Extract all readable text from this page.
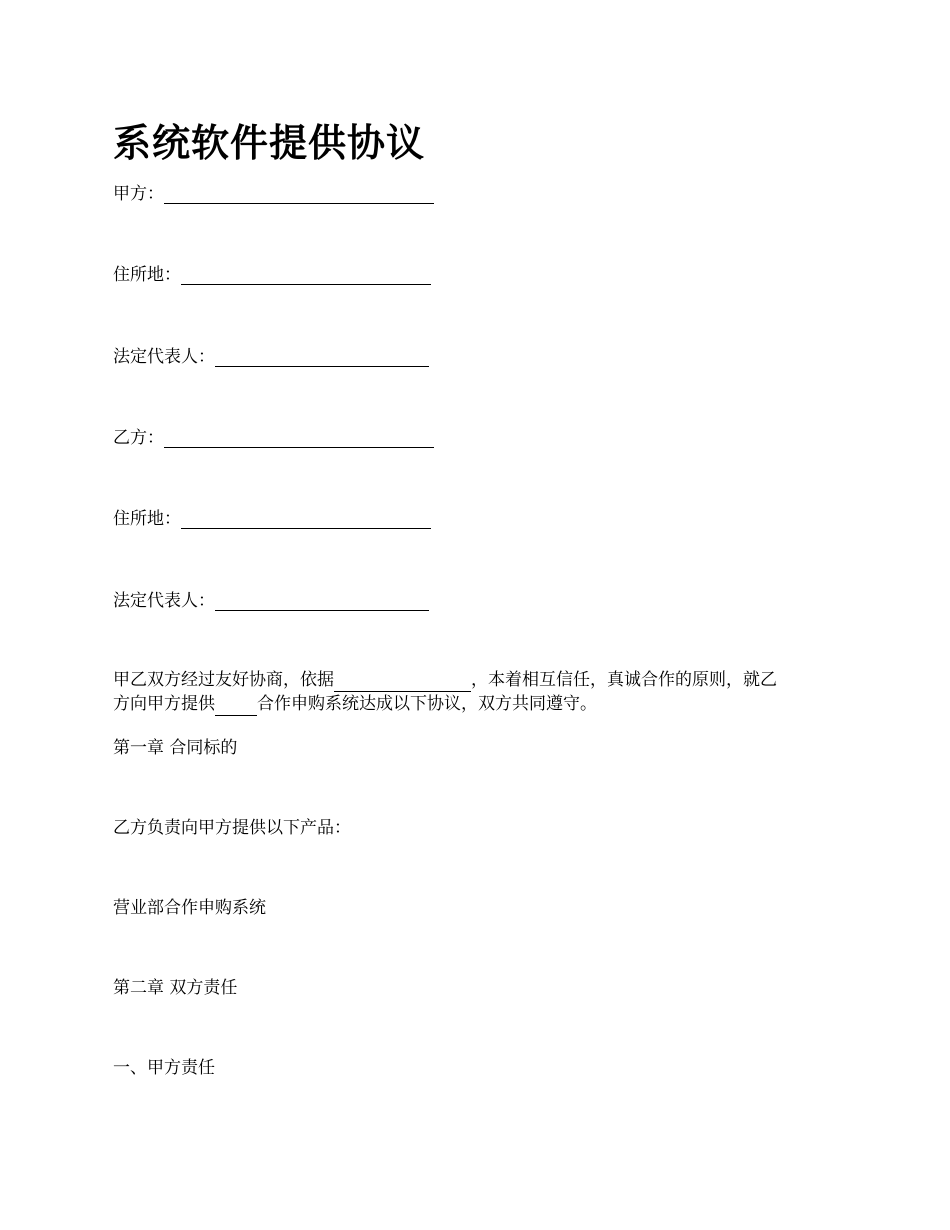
系统软件提供协议
甲方：
住所地：
法定代表人：
乙方：
住所地：
法定代表人：
甲乙双方经过友好协商，依据	，本着相互信任，真诚合作的原则，就乙
方向甲方提供 合作申购系统达成以下协议，双方共同遵守。
第一章 合同标的
乙方负责向甲方提供以下产品：
营业部合作申购系统
第二章 双方责任
一、甲方责任
